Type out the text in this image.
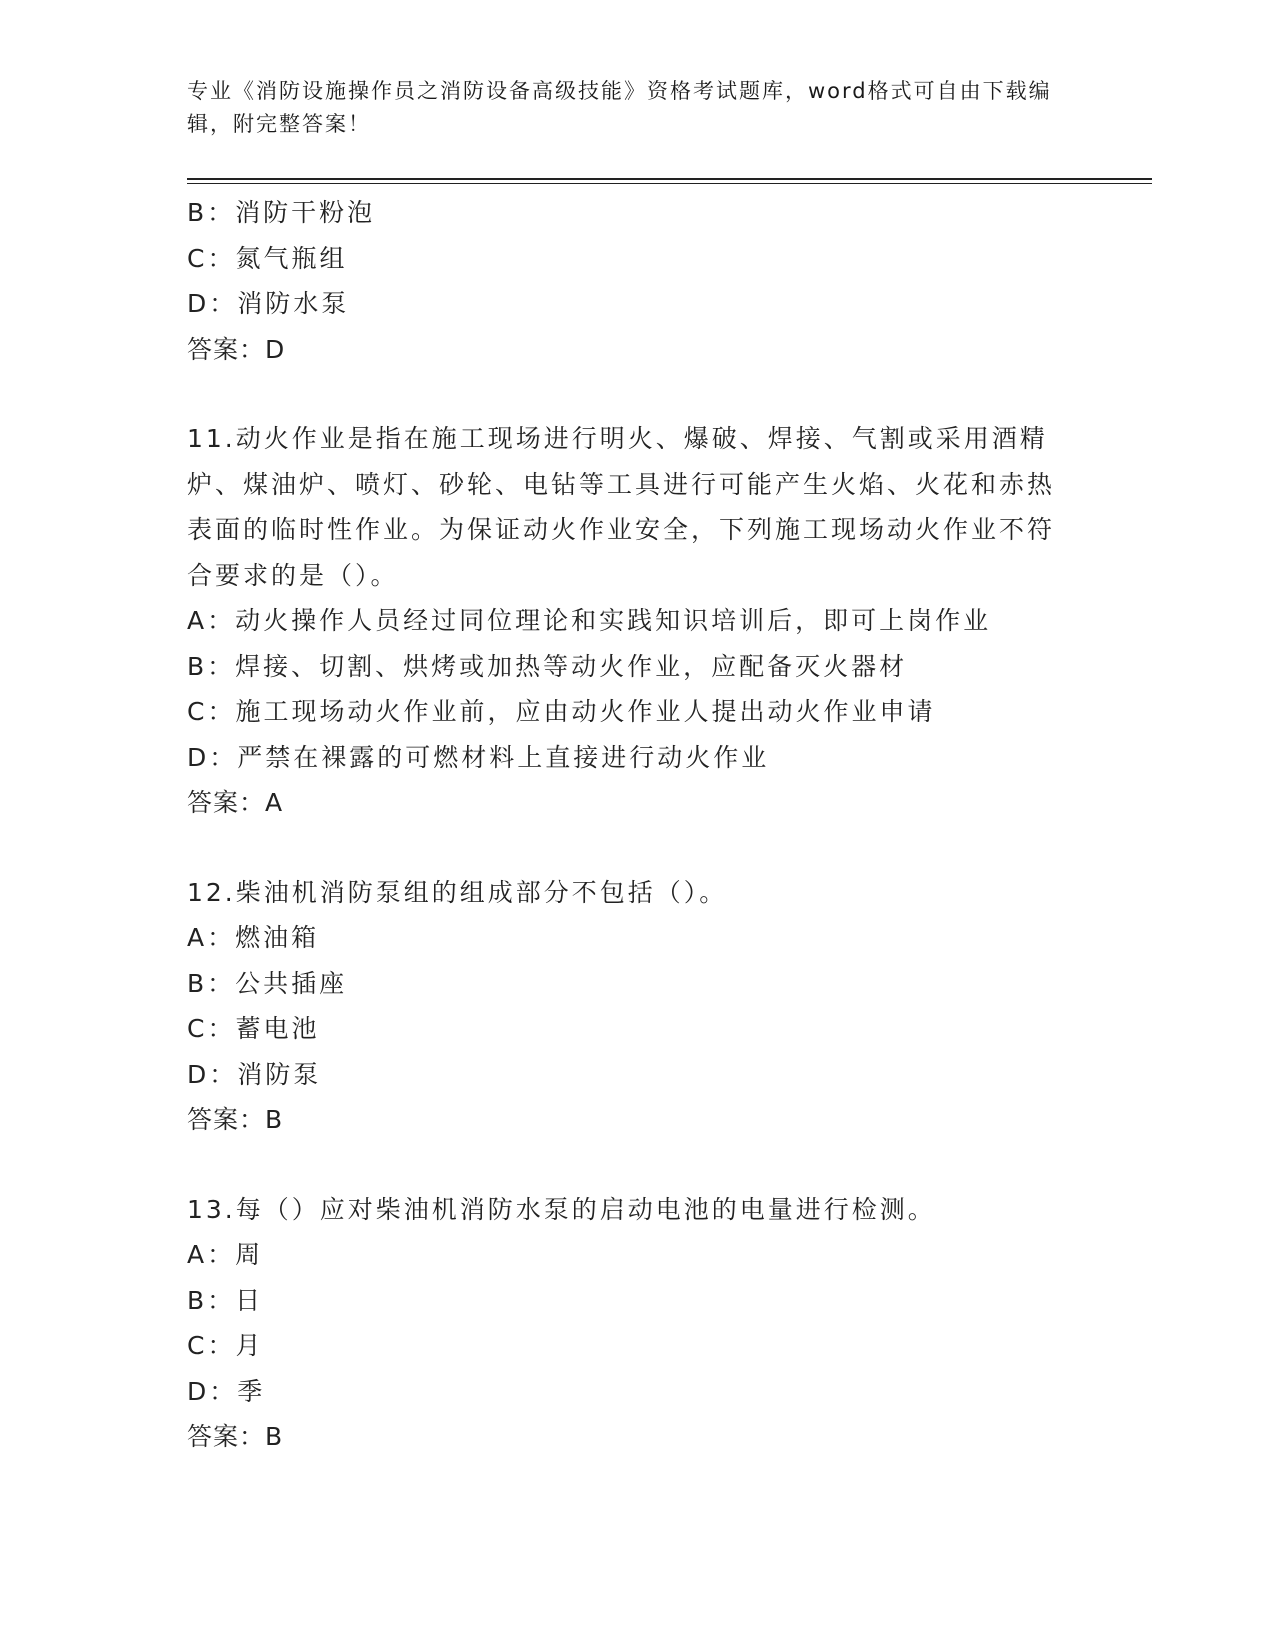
专业《消防设施操作员之消防设备高级技能》资格考试题库，word格式可自由下载编辑，附完整答案！
B：消防干粉泡
C：氮气瓶组
D：消防水泵
答案：D
11.动火作业是指在施工现场进行明火、爆破、焊接、气割或采用酒精炉、煤油炉、喷灯、砂轮、电钻等工具进行可能产生火焰、火花和赤热表面的临时性作业。为保证动火作业安全，下列施工现场动火作业不符合要求的是（）。
A：动火操作人员经过同位理论和实践知识培训后，即可上岗作业
B：焊接、切割、烘烤或加热等动火作业，应配备灭火器材
C：施工现场动火作业前，应由动火作业人提出动火作业申请
D：严禁在裸露的可燃材料上直接进行动火作业
答案：A
12.柴油机消防泵组的组成部分不包括（）。
A：燃油箱
B：公共插座
C：蓄电池
D：消防泵
答案：B
13.每（）应对柴油机消防水泵的启动电池的电量进行检测。
A：周
B：日
C：月
D：季
答案：B
